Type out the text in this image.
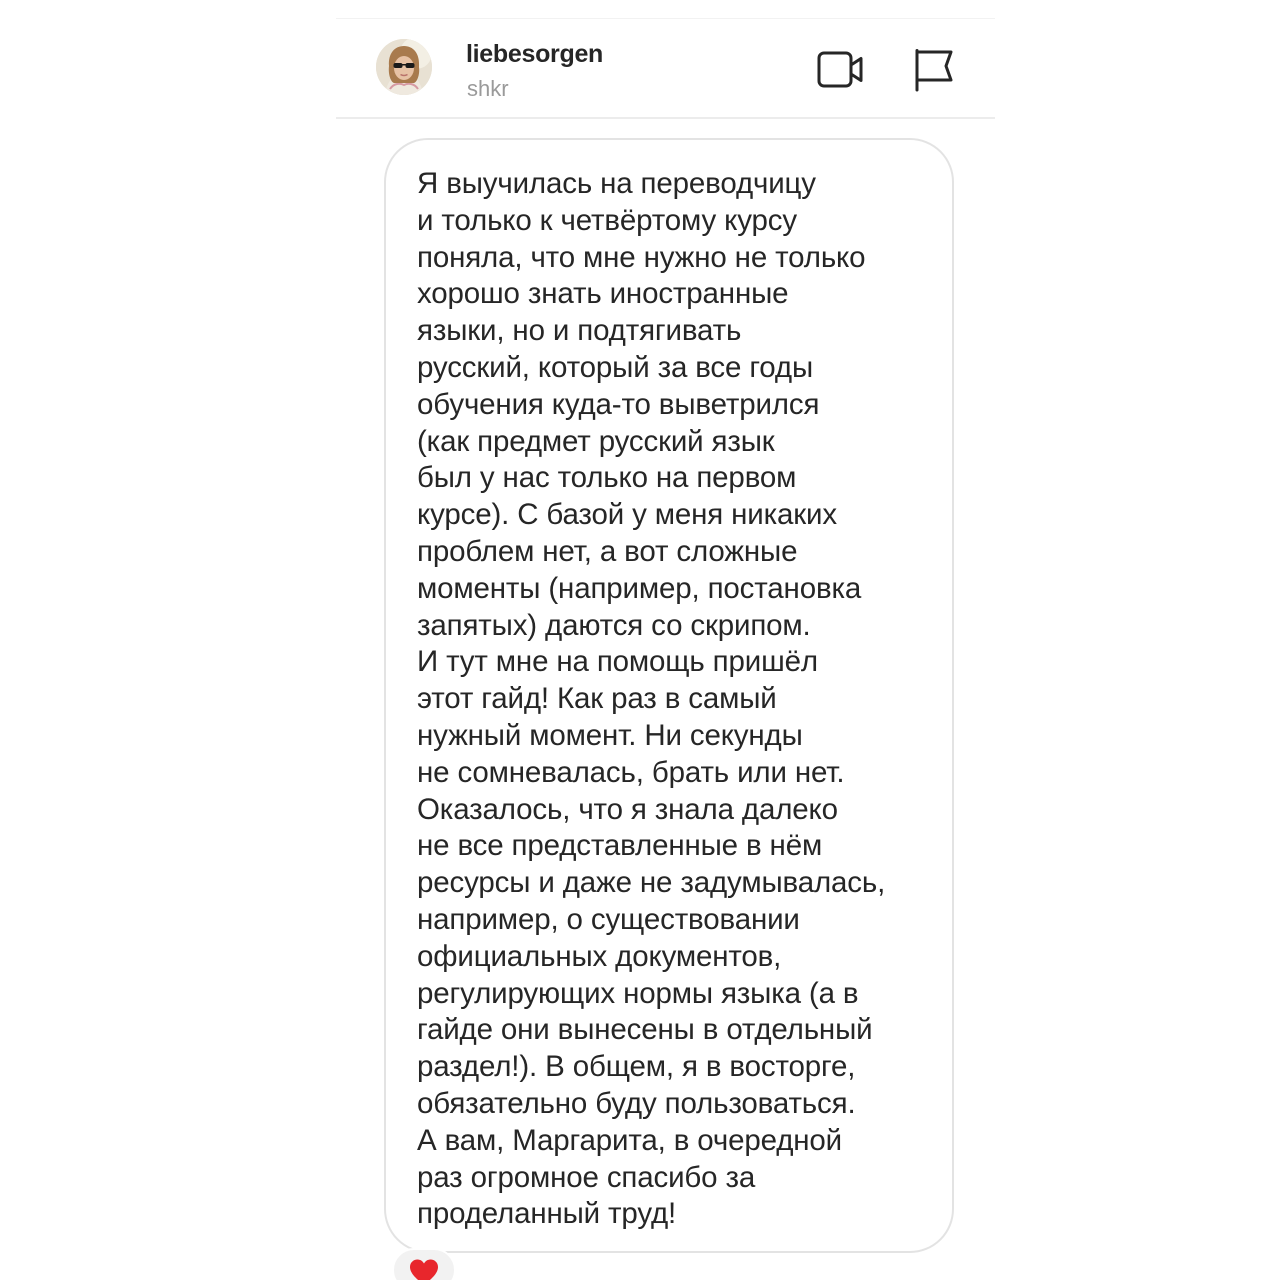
liebesorgen
shkr

Я выучилась на переводчицу
и только к четвёртому курсу
поняла, что мне нужно не только
хорошо знать иностранные
языки, но и подтягивать
русский, который за все годы
обучения куда-то выветрился
(как предмет русский язык
был у нас только на первом
курсе). С базой у меня никаких
проблем нет, а вот сложные
моменты (например, постановка
запятых) даются со скрипом.
И тут мне на помощь пришёл
этот гайд! Как раз в самый
нужный момент. Ни секунды
не сомневалась, брать или нет.
Оказалось, что я знала далеко
не все представленные в нём
ресурсы и даже не задумывалась,
например, о существовании
официальных документов,
регулирующих нормы языка (а в
гайде они вынесены в отдельный
раздел!). В общем, я в восторге,
обязательно буду пользоваться.
А вам, Маргарита, в очередной
раз огромное спасибо за
проделанный труд!
